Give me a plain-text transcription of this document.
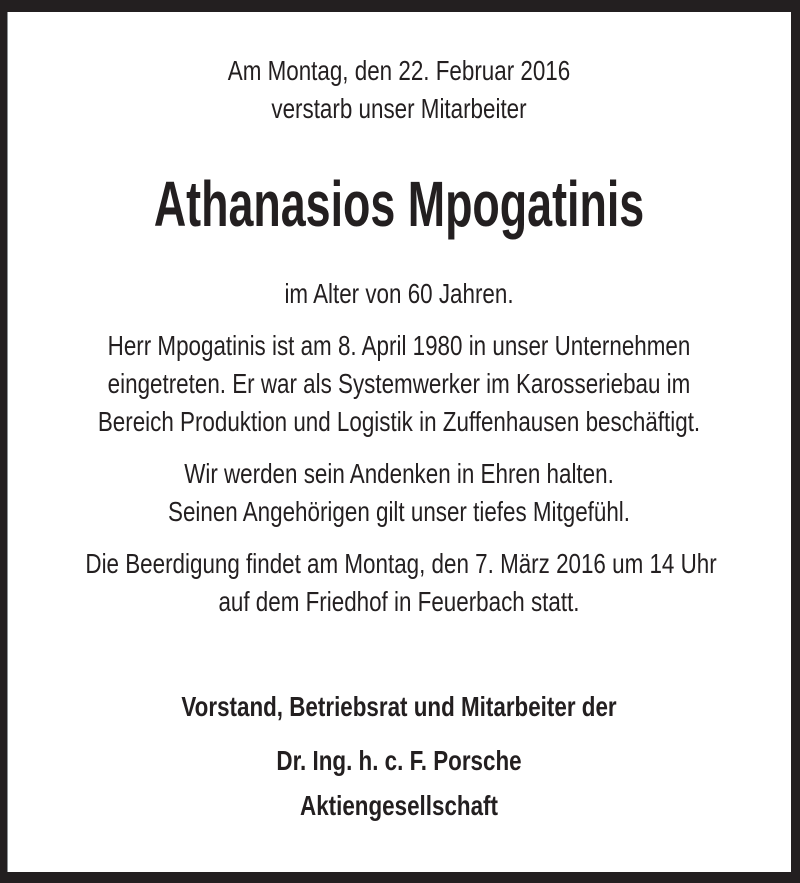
Am Montag, den 22. Februar 2016
verstarb unser Mitarbeiter
Athanasios Mpogatinis
im Alter von 60 Jahren.
Herr Mpogatinis ist am 8. April 1980 in unser Unternehmen
eingetreten. Er war als Systemwerker im Karosseriebau im
Bereich Produktion und Logistik in Zuffenhausen beschäftigt.
Wir werden sein Andenken in Ehren halten.
Seinen Angehörigen gilt unser tiefes Mitgefühl.
Die Beerdigung findet am Montag, den 7. März 2016 um 14 Uhr
auf dem Friedhof in Feuerbach statt.
Vorstand, Betriebsrat und Mitarbeiter der
Dr. Ing. h. c. F. Porsche
Aktiengesellschaft
